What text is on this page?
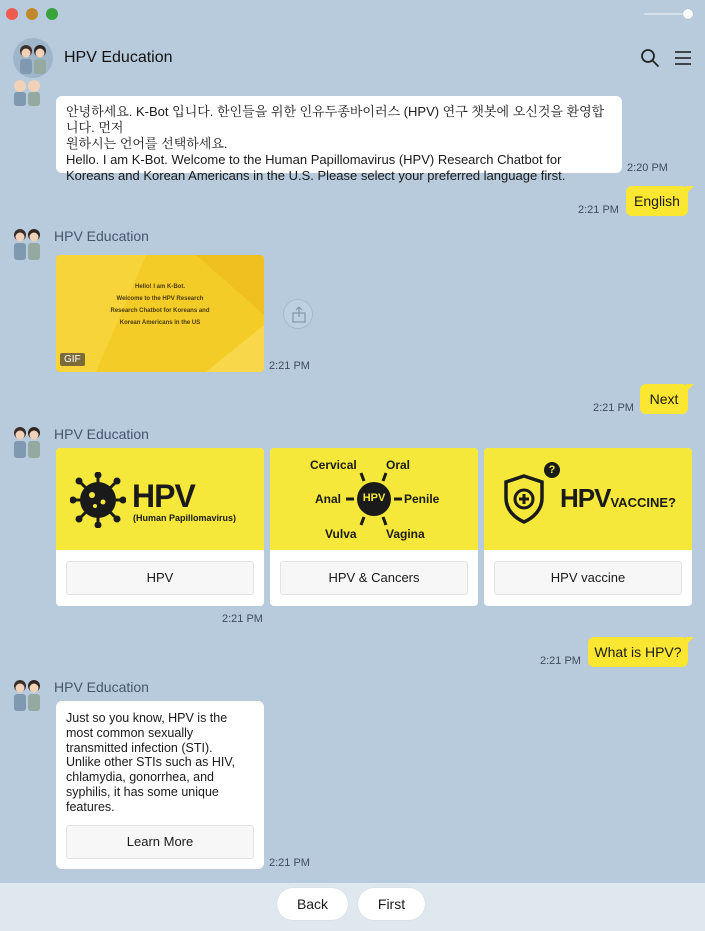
HPV Education
안녕하세요. K-Bot 입니다. 한인들을 위한 인유두종바이러스 (HPV) 연구 챗봇에 오신것을 환영합니다. 먼저
원하시는 언어를 선택하세요.
Hello. I am K-Bot. Welcome to the Human Papillomavirus (HPV) Research Chatbot for
Koreans and Korean Americans in the U.S. Please select your preferred language first.	2:20 PM
2:21 PM
English
HPV Education

Hello! I am K-Bot.

Welcome to the HPV Research

Research Chatbot for Koreans and

Korean Americans in the US

GIF
2:21 PM
2:21 PM
Next
HPV Education
HPV
(Human Papillomavirus)
HPV
HPV
Cervical Oral
Anal	Penile
Vulva Vagina
HPV & Cancers
?
HPVVACCINE?
HPV vaccine
2:21 PM
2:21 PM
What is HPV?
HPV Education
Just so you know, HPV is the
most common sexually
transmitted infection (STI).
Unlike other STIs such as HIV,
chlamydia, gonorrhea, and
syphilis, it has some unique
features.
Learn More
2:21 PM
Back	First
